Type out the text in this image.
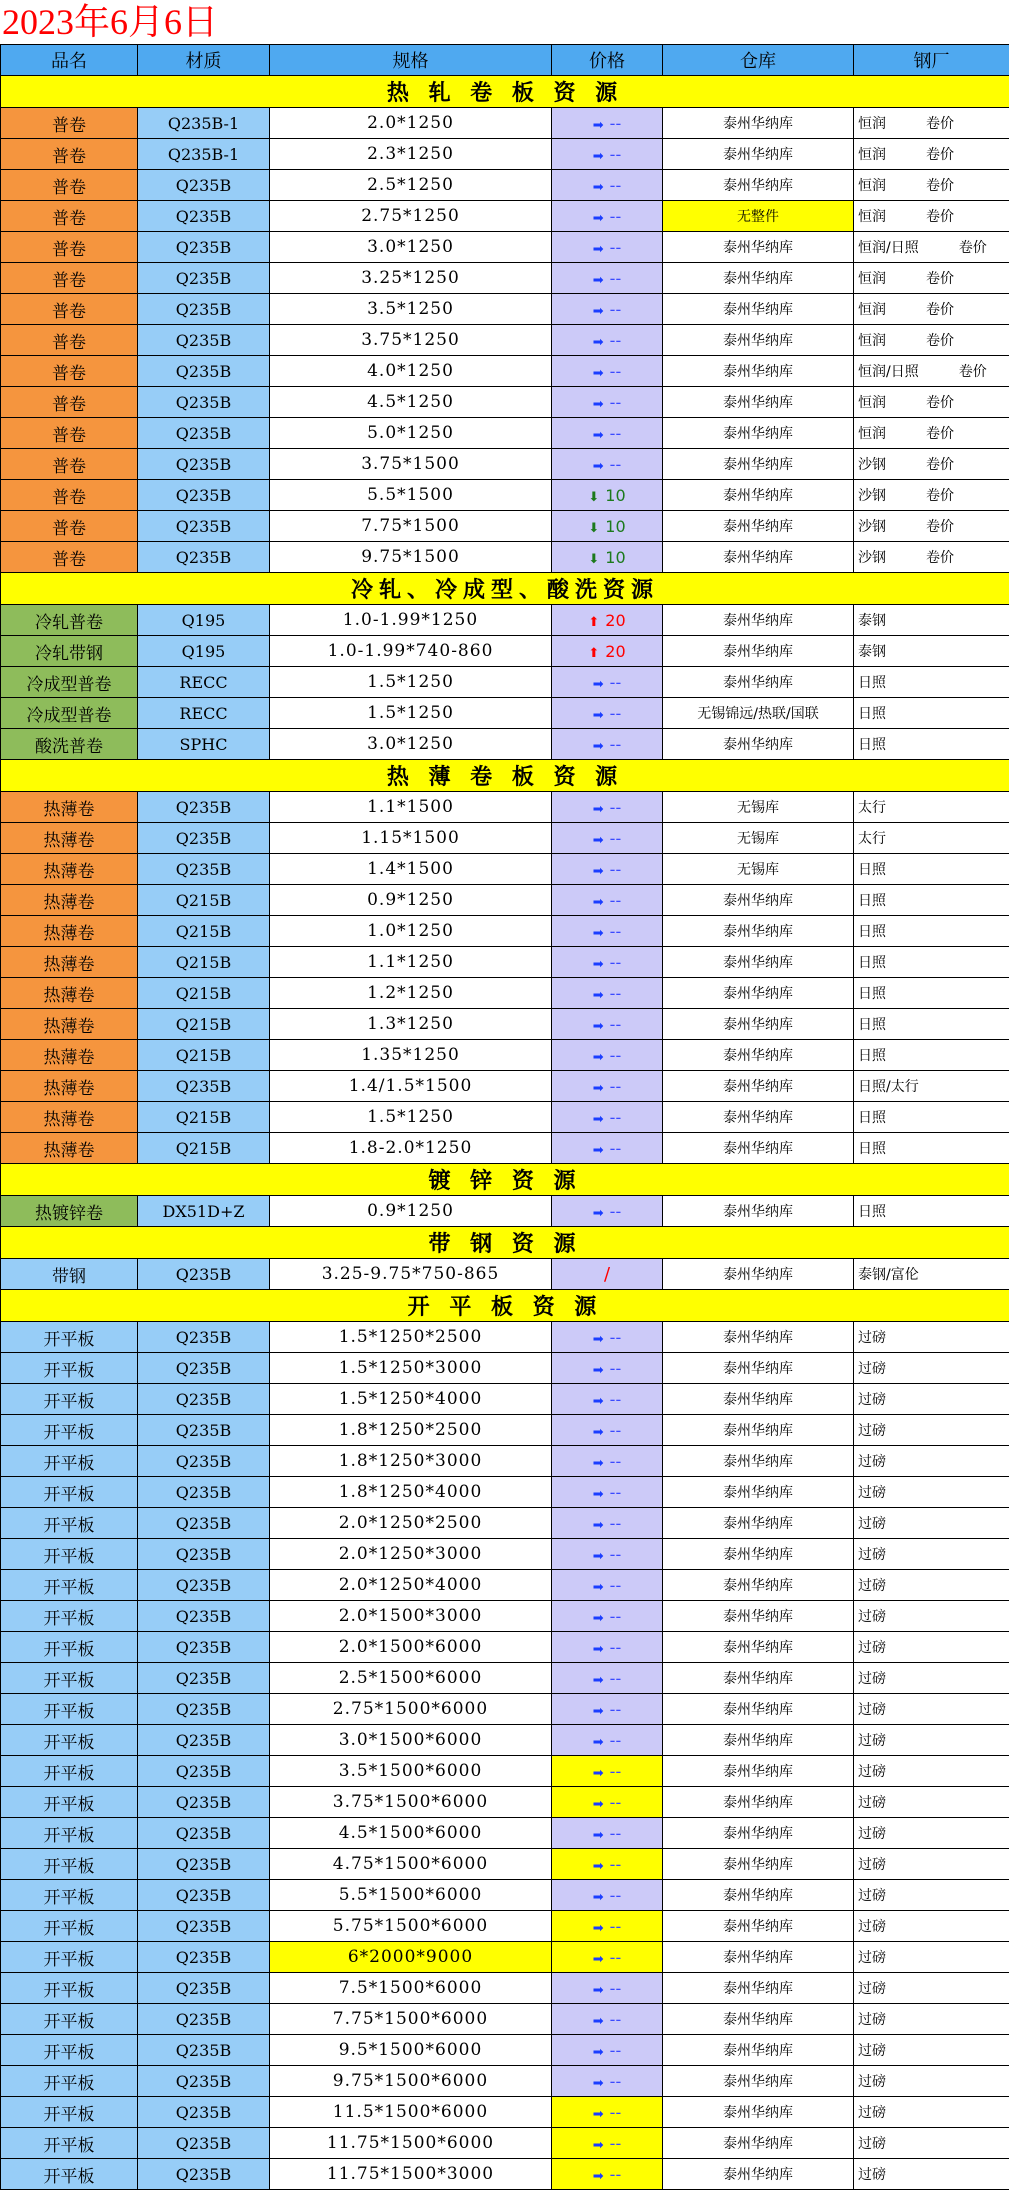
2023年6月6日
品名	材质	规格	价格	仓库	钢厂
热 轧 卷 板 资 源					
普卷	Q235B-1	2.0*1250	➡ --	泰州华纳库	恒润 卷价
普卷	Q235B-1	2.3*1250	➡ --	泰州华纳库	恒润 卷价
普卷	Q235B	2.5*1250	➡ --	泰州华纳库	恒润 卷价
普卷	Q235B	2.75*1250	➡ --	无整件	恒润 卷价
普卷	Q235B	3.0*1250	➡ --	泰州华纳库	恒润/日照 卷价
普卷	Q235B	3.25*1250	➡ --	泰州华纳库	恒润 卷价
普卷	Q235B	3.5*1250	➡ --	泰州华纳库	恒润 卷价
普卷	Q235B	3.75*1250	➡ --	泰州华纳库	恒润 卷价
普卷	Q235B	4.0*1250	➡ --	泰州华纳库	恒润/日照 卷价
普卷	Q235B	4.5*1250	➡ --	泰州华纳库	恒润 卷价
普卷	Q235B	5.0*1250	➡ --	泰州华纳库	恒润 卷价
普卷	Q235B	3.75*1500	➡ --	泰州华纳库	沙钢 卷价
普卷	Q235B	5.5*1500	⬇ 10	泰州华纳库	沙钢 卷价
普卷	Q235B	7.75*1500	⬇ 10	泰州华纳库	沙钢 卷价
普卷	Q235B	9.75*1500	⬇ 10	泰州华纳库	沙钢 卷价
冷轧、冷成型、酸洗资源					
冷轧普卷	Q195	1.0-1.99*1250	⬆ 20	泰州华纳库	泰钢
冷轧带钢	Q195	1.0-1.99*740-860	⬆ 20	泰州华纳库	泰钢
冷成型普卷	RECC	1.5*1250	➡ --	泰州华纳库	日照
冷成型普卷	RECC	1.5*1250	➡ --	无锡锦远/热联/国联	日照
酸洗普卷	SPHC	3.0*1250	➡ --	泰州华纳库	日照
热 薄 卷 板 资 源					
热薄卷	Q235B	1.1*1500	➡ --	无锡库	太行
热薄卷	Q235B	1.15*1500	➡ --	无锡库	太行
热薄卷	Q235B	1.4*1500	➡ --	无锡库	日照
热薄卷	Q215B	0.9*1250	➡ --	泰州华纳库	日照
热薄卷	Q215B	1.0*1250	➡ --	泰州华纳库	日照
热薄卷	Q215B	1.1*1250	➡ --	泰州华纳库	日照
热薄卷	Q215B	1.2*1250	➡ --	泰州华纳库	日照
热薄卷	Q215B	1.3*1250	➡ --	泰州华纳库	日照
热薄卷	Q215B	1.35*1250	➡ --	泰州华纳库	日照
热薄卷	Q235B	1.4/1.5*1500	➡ --	泰州华纳库	日照/太行
热薄卷	Q215B	1.5*1250	➡ --	泰州华纳库	日照
热薄卷	Q215B	1.8-2.0*1250	➡ --	泰州华纳库	日照
镀 锌 资 源					
热镀锌卷	DX51D+Z	0.9*1250	➡ --	泰州华纳库	日照
带 钢 资 源					
带钢	Q235B	3.25-9.75*750-865	/	泰州华纳库	泰钢/富伦
开 平 板 资 源					
开平板	Q235B	1.5*1250*2500	➡ --	泰州华纳库	过磅
开平板	Q235B	1.5*1250*3000	➡ --	泰州华纳库	过磅
开平板	Q235B	1.5*1250*4000	➡ --	泰州华纳库	过磅
开平板	Q235B	1.8*1250*2500	➡ --	泰州华纳库	过磅
开平板	Q235B	1.8*1250*3000	➡ --	泰州华纳库	过磅
开平板	Q235B	1.8*1250*4000	➡ --	泰州华纳库	过磅
开平板	Q235B	2.0*1250*2500	➡ --	泰州华纳库	过磅
开平板	Q235B	2.0*1250*3000	➡ --	泰州华纳库	过磅
开平板	Q235B	2.0*1250*4000	➡ --	泰州华纳库	过磅
开平板	Q235B	2.0*1500*3000	➡ --	泰州华纳库	过磅
开平板	Q235B	2.0*1500*6000	➡ --	泰州华纳库	过磅
开平板	Q235B	2.5*1500*6000	➡ --	泰州华纳库	过磅
开平板	Q235B	2.75*1500*6000	➡ --	泰州华纳库	过磅
开平板	Q235B	3.0*1500*6000	➡ --	泰州华纳库	过磅
开平板	Q235B	3.5*1500*6000	➡ --	泰州华纳库	过磅
开平板	Q235B	3.75*1500*6000	➡ --	泰州华纳库	过磅
开平板	Q235B	4.5*1500*6000	➡ --	泰州华纳库	过磅
开平板	Q235B	4.75*1500*6000	➡ --	泰州华纳库	过磅
开平板	Q235B	5.5*1500*6000	➡ --	泰州华纳库	过磅
开平板	Q235B	5.75*1500*6000	➡ --	泰州华纳库	过磅
开平板	Q235B	6*2000*9000	➡ --	泰州华纳库	过磅
开平板	Q235B	7.5*1500*6000	➡ --	泰州华纳库	过磅
开平板	Q235B	7.75*1500*6000	➡ --	泰州华纳库	过磅
开平板	Q235B	9.5*1500*6000	➡ --	泰州华纳库	过磅
开平板	Q235B	9.75*1500*6000	➡ --	泰州华纳库	过磅
开平板	Q235B	11.5*1500*6000	➡ --	泰州华纳库	过磅
开平板	Q235B	11.75*1500*6000	➡ --	泰州华纳库	过磅
开平板	Q235B	11.75*1500*3000	➡ --	泰州华纳库	过磅
